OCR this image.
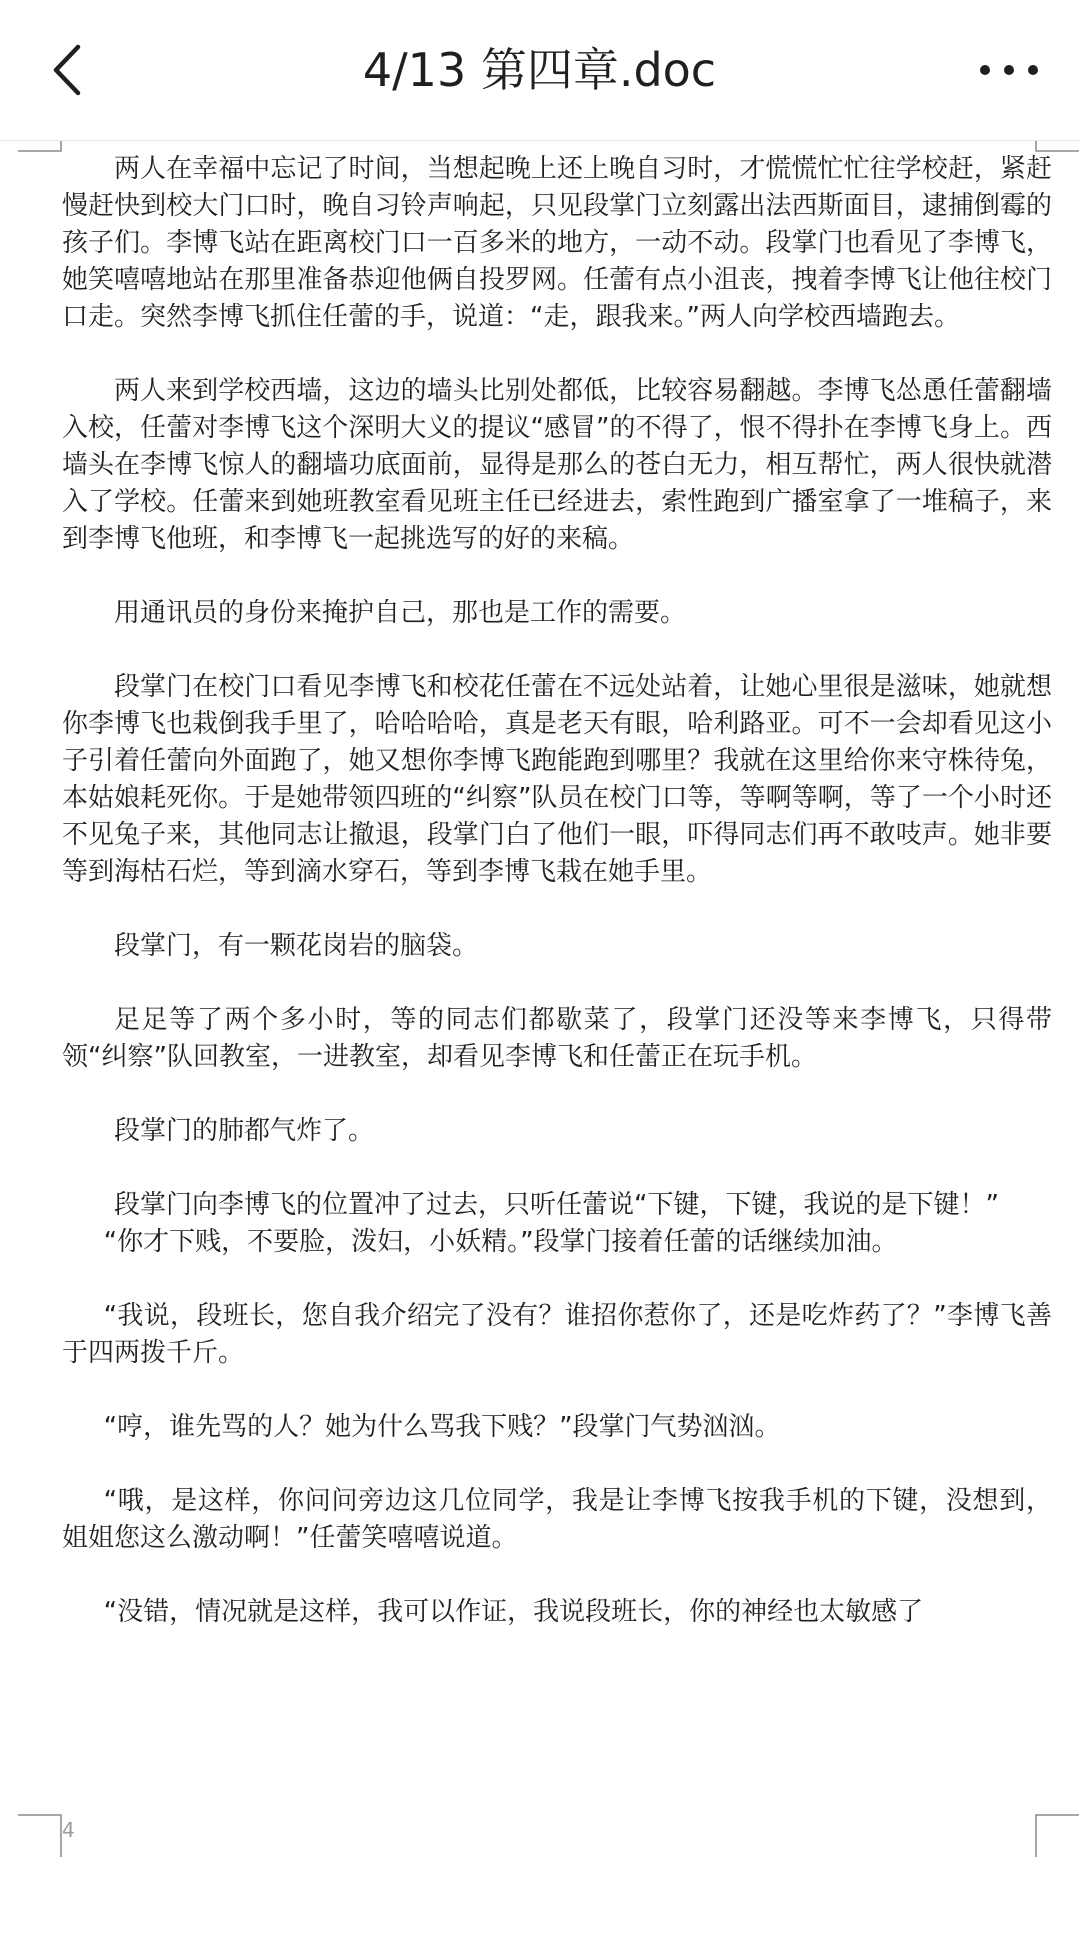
4/13 第四章.doc

两人在幸福中忘记了时间，当想起晚上还上晚自习时，才慌慌忙忙往学校赶，紧赶慢赶快到校大门口时，晚自习铃声响起，只见段掌门立刻露出法西斯面目，逮捕倒霉的孩子们。李博飞站在距离校门口一百多米的地方，一动不动。段掌门也看见了李博飞，她笑嘻嘻地站在那里准备恭迎他俩自投罗网。任蕾有点小沮丧，拽着李博飞让他往校门口走。突然李博飞抓住任蕾的手，说道：“走，跟我来。”两人向学校西墙跑去。

两人来到学校西墙，这边的墙头比别处都低，比较容易翻越。李博飞怂恿任蕾翻墙入校，任蕾对李博飞这个深明大义的提议“感冒”的不得了，恨不得扑在李博飞身上。西墙头在李博飞惊人的翻墙功底面前，显得是那么的苍白无力，相互帮忙，两人很快就潜入了学校。任蕾来到她班教室看见班主任已经进去，索性跑到广播室拿了一堆稿子，来到李博飞他班，和李博飞一起挑选写的好的来稿。

用通讯员的身份来掩护自己，那也是工作的需要。

段掌门在校门口看见李博飞和校花任蕾在不远处站着，让她心里很是滋味，她就想你李博飞也栽倒我手里了，哈哈哈哈，真是老天有眼，哈利路亚。可不一会却看见这小子引着任蕾向外面跑了，她又想你李博飞跑能跑到哪里？我就在这里给你来守株待兔，本姑娘耗死你。于是她带领四班的“纠察”队员在校门口等，等啊等啊，等了一个小时还不见兔子来，其他同志让撤退，段掌门白了他们一眼，吓得同志们再不敢吱声。她非要等到海枯石烂，等到滴水穿石，等到李博飞栽在她手里。

段掌门，有一颗花岗岩的脑袋。

足足等了两个多小时，等的同志们都歇菜了，段掌门还没等来李博飞，只得带领“纠察”队回教室，一进教室，却看见李博飞和任蕾正在玩手机。

段掌门的肺都气炸了。

段掌门向李博飞的位置冲了过去，只听任蕾说“下键，下键，我说的是下键！”

“你才下贱，不要脸，泼妇，小妖精。”段掌门接着任蕾的话继续加油。

“我说，段班长，您自我介绍完了没有？谁招你惹你了，还是吃炸药了？”李博飞善于四两拨千斤。

“哼，谁先骂的人？她为什么骂我下贱？”段掌门气势汹汹。

“哦，是这样，你问问旁边这几位同学，我是让李博飞按我手机的下键，没想到，姐姐您这么激动啊！”任蕾笑嘻嘻说道。

“没错，情况就是这样，我可以作证，我说段班长，你的神经也太敏感了

4
